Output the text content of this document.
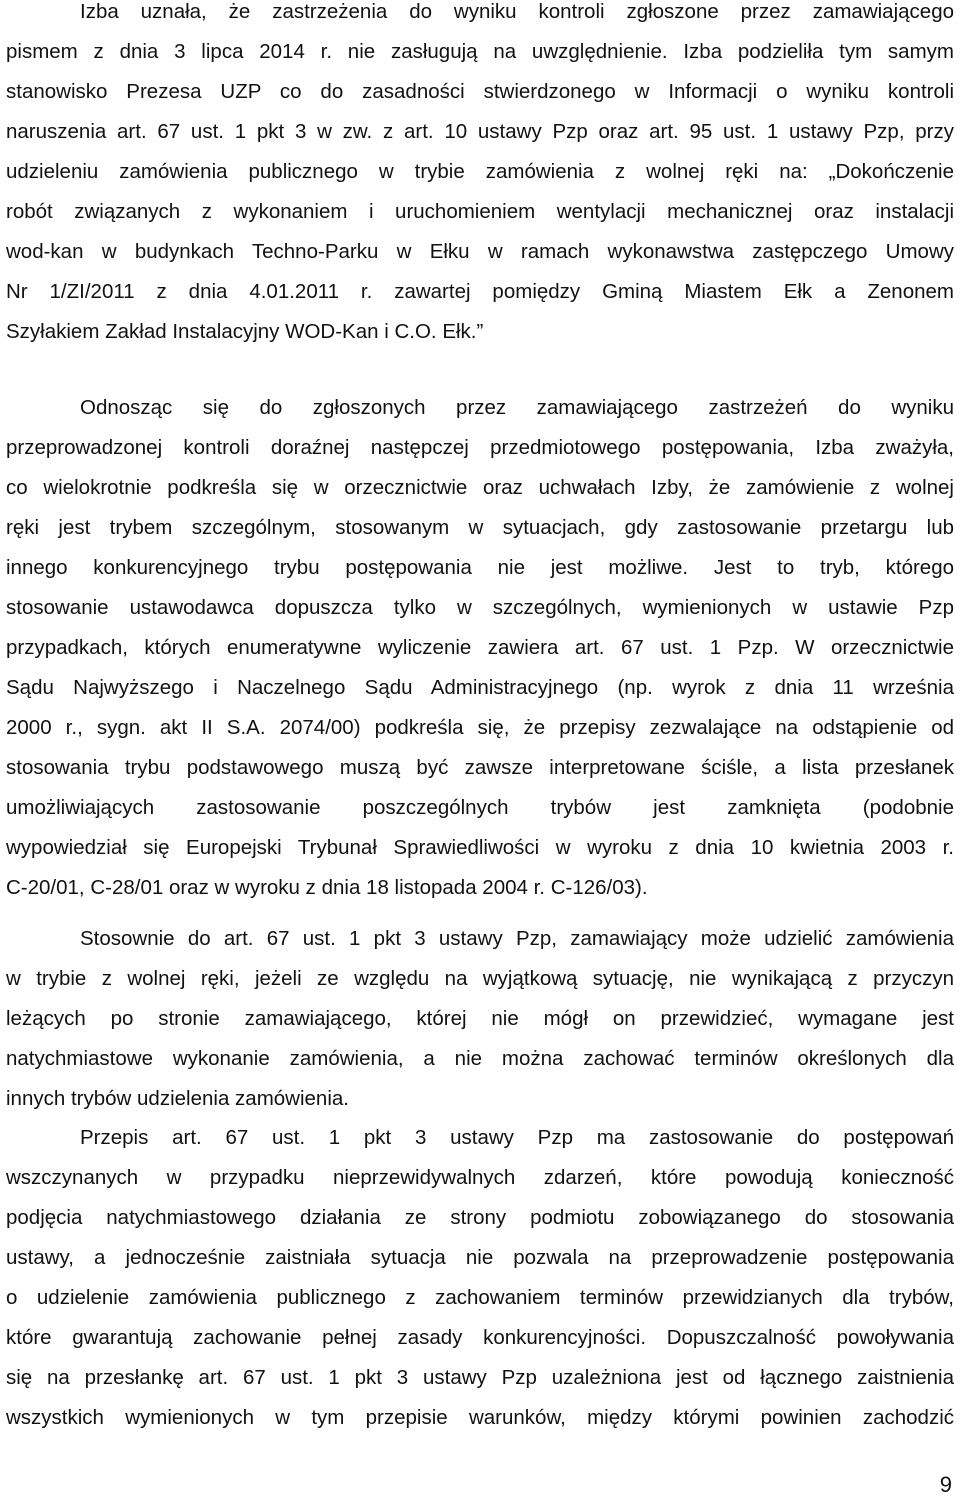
Izba uznała, że zastrzeżenia do wyniku kontroli zgłoszone przez zamawiającego
pismem z dnia 3 lipca 2014 r. nie zasługują na uwzględnienie. Izba podzieliła tym samym
stanowisko Prezesa UZP co do zasadności stwierdzonego w Informacji o wyniku kontroli
naruszenia art. 67 ust. 1 pkt 3 w zw. z art. 10 ustawy Pzp oraz art. 95 ust. 1 ustawy Pzp, przy
udzieleniu zamówienia publicznego w trybie zamówienia z wolnej ręki na: „Dokończenie
robót związanych z wykonaniem i uruchomieniem wentylacji mechanicznej oraz instalacji
wod-kan w budynkach Techno-Parku w Ełku w ramach wykonawstwa zastępczego Umowy
Nr 1/ZI/2011 z dnia 4.01.2011 r. zawartej pomiędzy Gminą Miastem Ełk a Zenonem
Szyłakiem Zakład Instalacyjny WOD-Kan i C.O. Ełk.”
Odnosząc się do zgłoszonych przez zamawiającego zastrzeżeń do wyniku
przeprowadzonej kontroli doraźnej następczej przedmiotowego postępowania, Izba zważyła,
co wielokrotnie podkreśla się w orzecznictwie oraz uchwałach Izby, że zamówienie z wolnej
ręki jest trybem szczególnym, stosowanym w sytuacjach, gdy zastosowanie przetargu lub
innego konkurencyjnego trybu postępowania nie jest możliwe. Jest to tryb, którego
stosowanie ustawodawca dopuszcza tylko w szczególnych, wymienionych w ustawie Pzp
przypadkach, których enumeratywne wyliczenie zawiera art. 67 ust. 1 Pzp. W orzecznictwie
Sądu Najwyższego i Naczelnego Sądu Administracyjnego (np. wyrok z dnia 11 września
2000 r., sygn. akt II S.A. 2074/00) podkreśla się, że przepisy zezwalające na odstąpienie od
stosowania trybu podstawowego muszą być zawsze interpretowane ściśle, a lista przesłanek
umożliwiających zastosowanie poszczególnych trybów jest zamknięta (podobnie
wypowiedział się Europejski Trybunał Sprawiedliwości w wyroku z dnia 10 kwietnia 2003 r.
C-20/01, C-28/01 oraz w wyroku z dnia 18 listopada 2004 r. C-126/03).
Stosownie do art. 67 ust. 1 pkt 3 ustawy Pzp, zamawiający może udzielić zamówienia
w trybie z wolnej ręki, jeżeli ze względu na wyjątkową sytuację, nie wynikającą z przyczyn
leżących po stronie zamawiającego, której nie mógł on przewidzieć, wymagane jest
natychmiastowe wykonanie zamówienia, a nie można zachować terminów określonych dla
innych trybów udzielenia zamówienia.
Przepis art. 67 ust. 1 pkt 3 ustawy Pzp ma zastosowanie do postępowań
wszczynanych w przypadku nieprzewidywalnych zdarzeń, które powodują konieczność
podjęcia natychmiastowego działania ze strony podmiotu zobowiązanego do stosowania
ustawy, a jednocześnie zaistniała sytuacja nie pozwala na przeprowadzenie postępowania
o udzielenie zamówienia publicznego z zachowaniem terminów przewidzianych dla trybów,
które gwarantują zachowanie pełnej zasady konkurencyjności. Dopuszczalność powoływania
się na przesłankę art. 67 ust. 1 pkt 3 ustawy Pzp uzależniona jest od łącznego zaistnienia
wszystkich wymienionych w tym przepisie warunków, między którymi powinien zachodzić
9
